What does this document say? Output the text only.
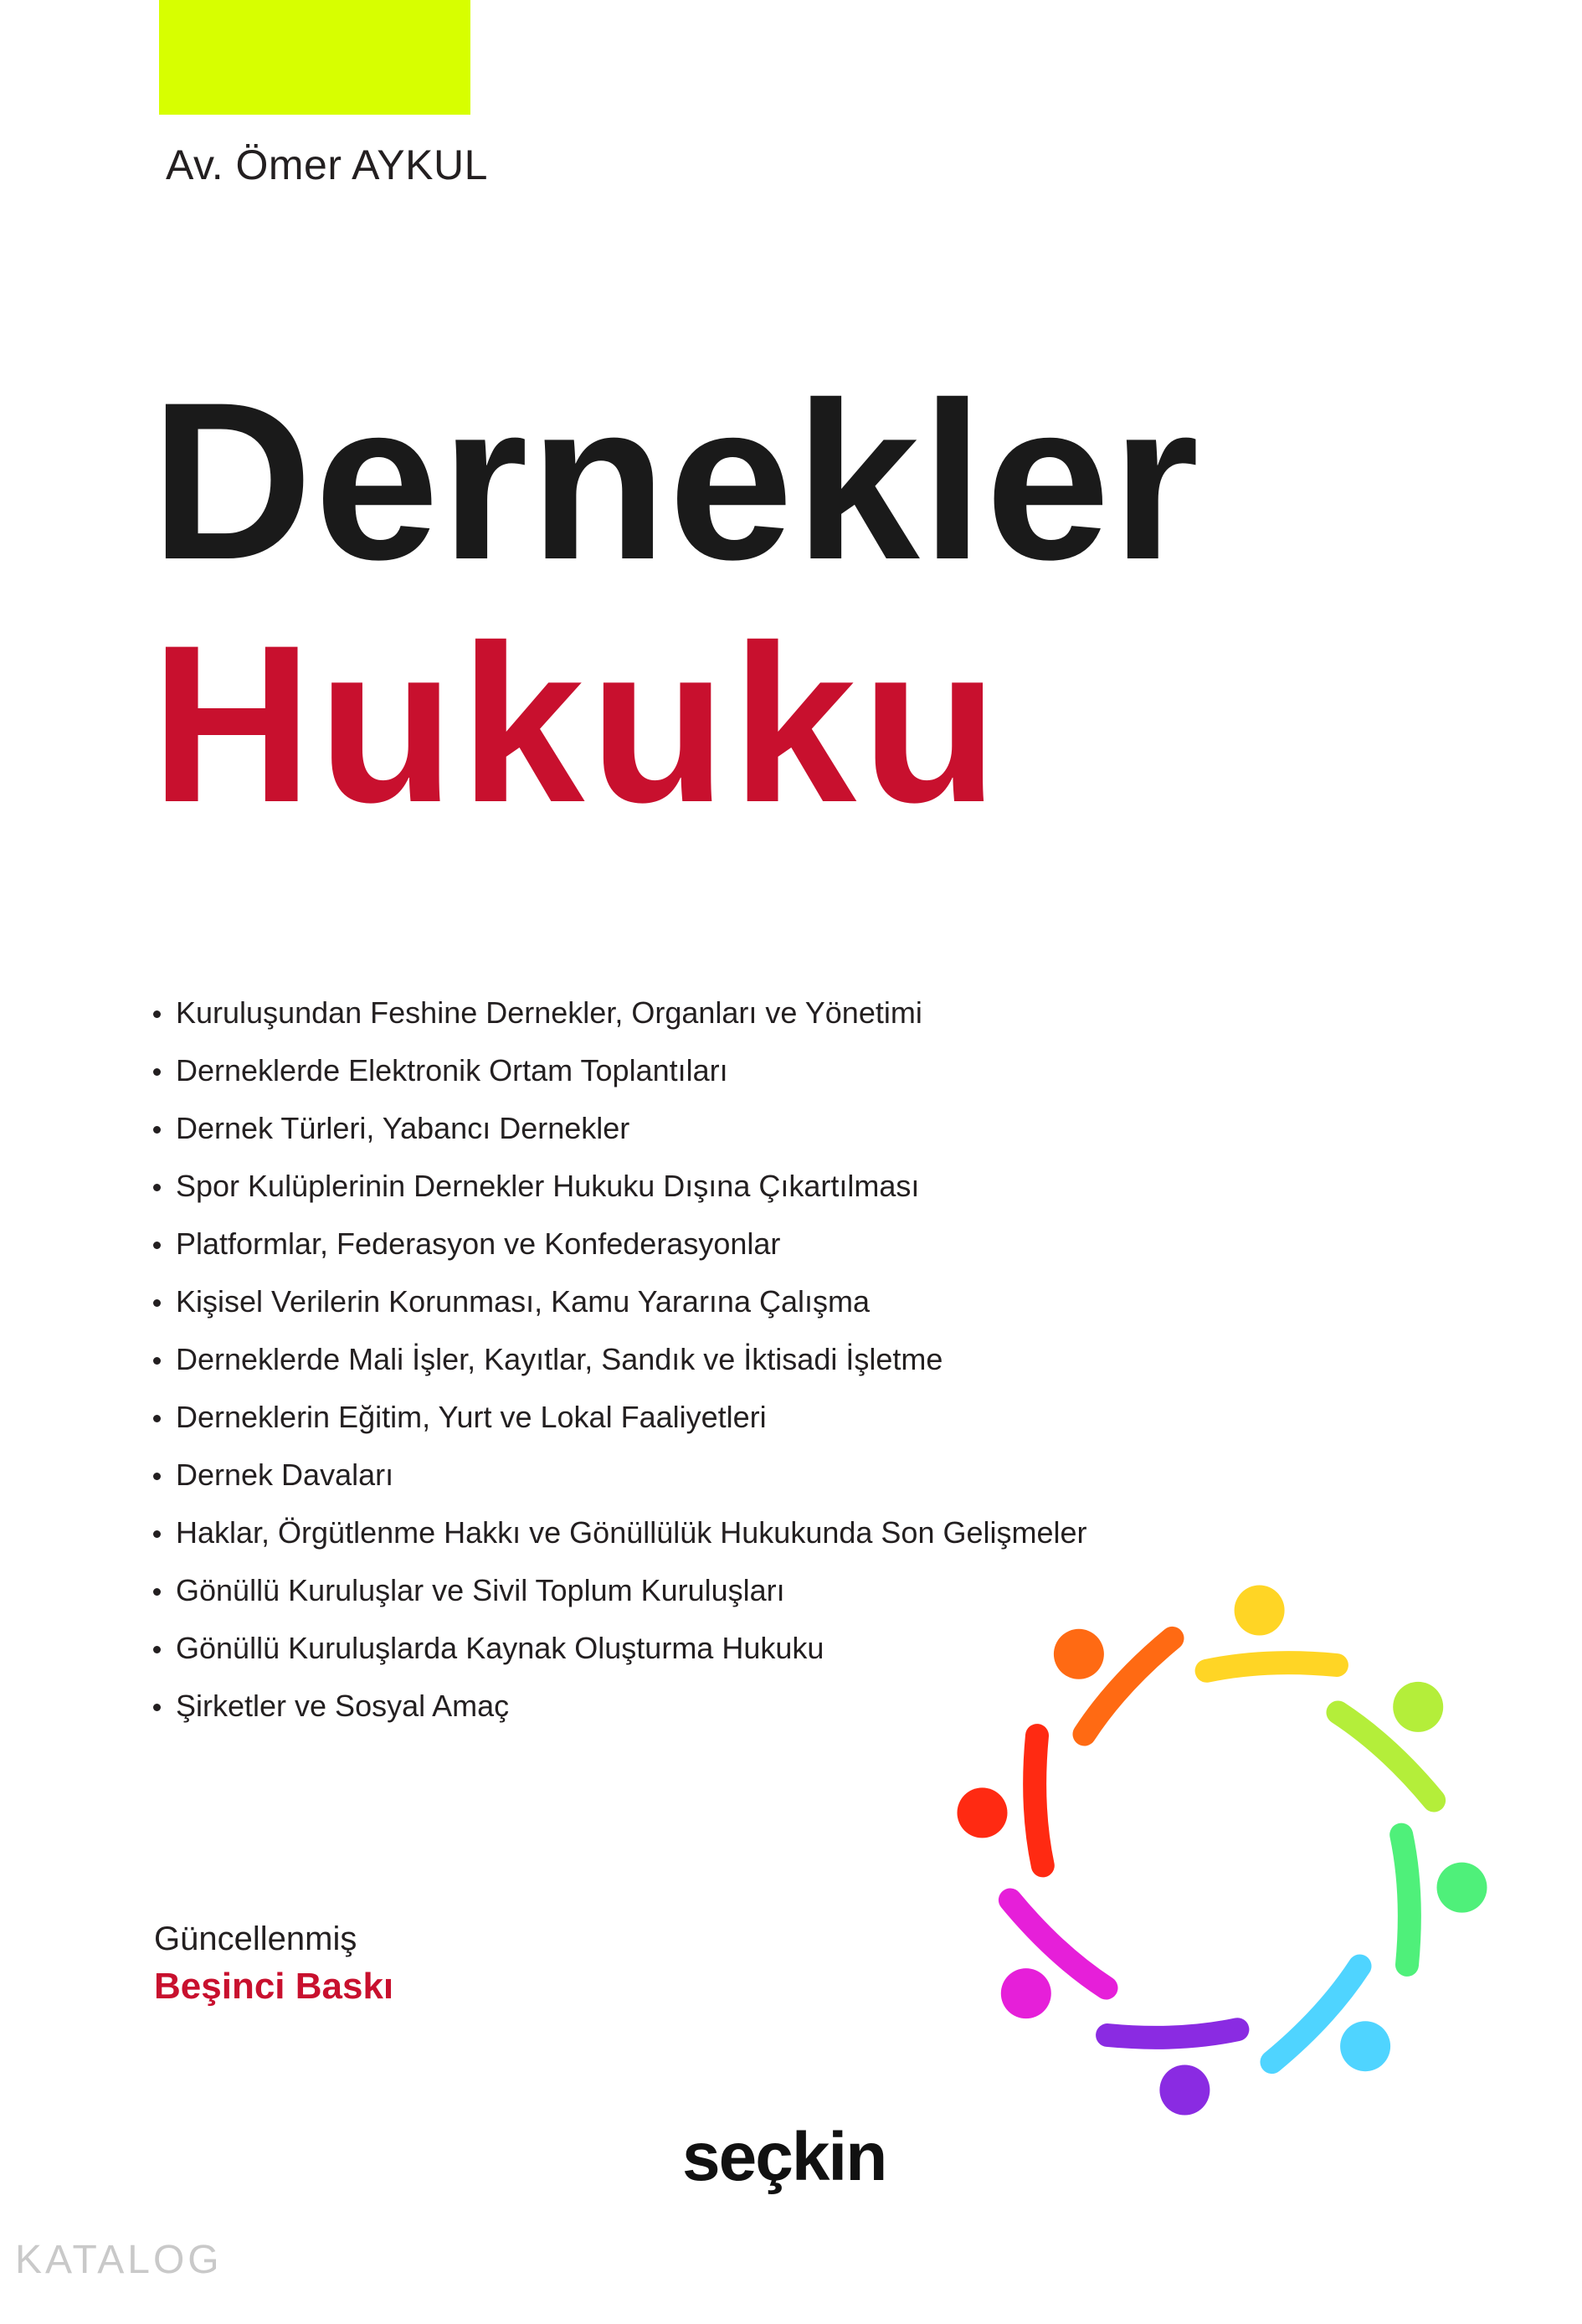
Av. Ömer AYKUL
Dernekler
Hukuku
Kuruluşundan Feshine Dernekler, Organları ve Yönetimi
Derneklerde Elektronik Ortam Toplantıları
Dernek Türleri, Yabancı Dernekler
Spor Kulüplerinin Dernekler Hukuku Dışına Çıkartılması
Platformlar, Federasyon ve Konfederasyonlar
Kişisel Verilerin Korunması, Kamu Yararına Çalışma
Derneklerde Mali İşler, Kayıtlar, Sandık ve İktisadi İşletme
Derneklerin Eğitim, Yurt ve Lokal Faaliyetleri
Dernek Davaları
Haklar, Örgütlenme Hakkı ve Gönüllülük Hukukunda Son Gelişmeler
Gönüllü Kuruluşlar ve Sivil Toplum Kuruluşları
Gönüllü Kuruluşlarda Kaynak Oluşturma Hukuku
Şirketler ve Sosyal Amaç
Güncellenmiş
Beşinci Baskı
seçkin
KATALOG
